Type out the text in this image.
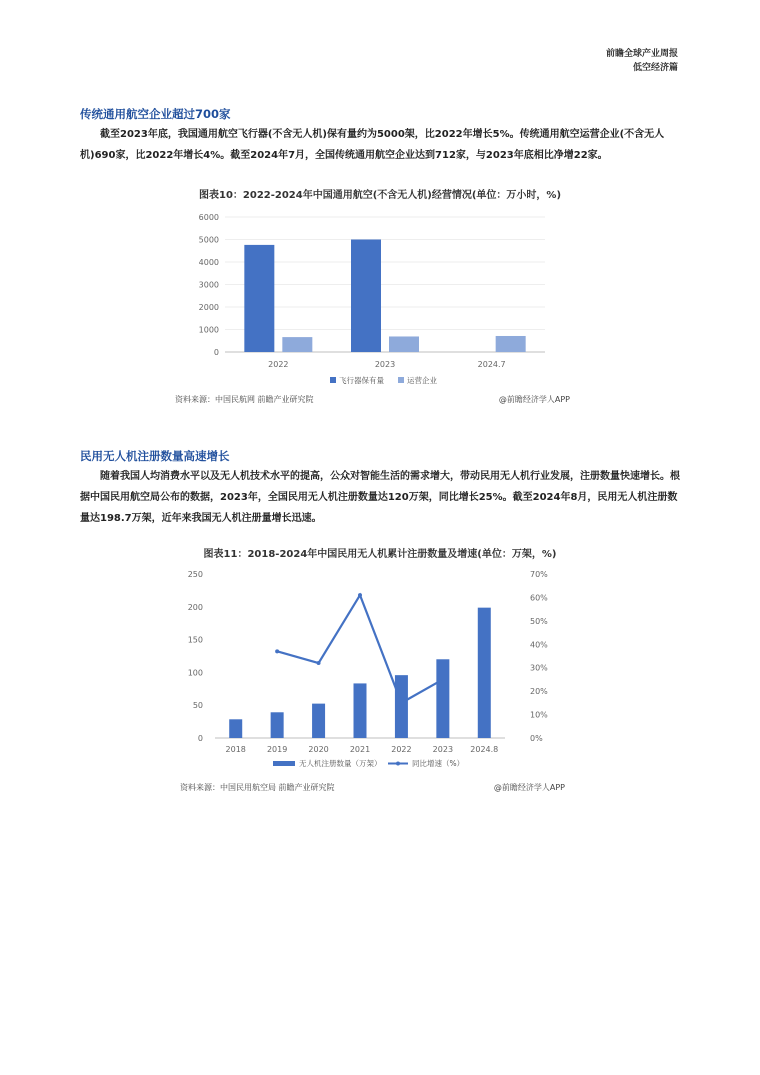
前瞻全球产业周报
低空经济篇
传统通用航空企业超过700家

截至2023年底，我国通用航空飞行器(不含无人机)保有量约为5000架，比2022年增长5%。传统通用航空运营企业(不含无人机)690家，比2022年增长4%。截至2024年7月，全国传统通用航空企业达到712家，与2023年底相比净增22家。

图表10：2022-2024年中国通用航空(不含无人机)经营情况(单位：万小时，%)
0
1000
2000
3000
4000
5000
6000
2022	2023	2024.7
飞行器保有量	运营企业
资料来源：中国民航网 前瞻产业研究院	@前瞻经济学人APP
民用无人机注册数量高速增长

随着我国人均消费水平以及无人机技术水平的提高，公众对智能生活的需求增大，带动民用无人机行业发展，注册数量快速增长。根据中国民用航空局公布的数据，2023年，全国民用无人机注册数量达120万架，同比增长25%。截至2024年8月，民用无人机注册数量达198.7万架，近年来我国无人机注册量增长迅速。

图表11：2018-2024年中国民用无人机累计注册数量及增速(单位：万架，%)
0
50
100
150
200
250
0%
10%
20%
30%
40%
50%
60%
70%
2018	2019	2020	2021	2022	2023 2024.8
无人机注册数量（万架）	同比增速（%）
资料来源：中国民用航空局 前瞻产业研究院	@前瞻经济学人APP
